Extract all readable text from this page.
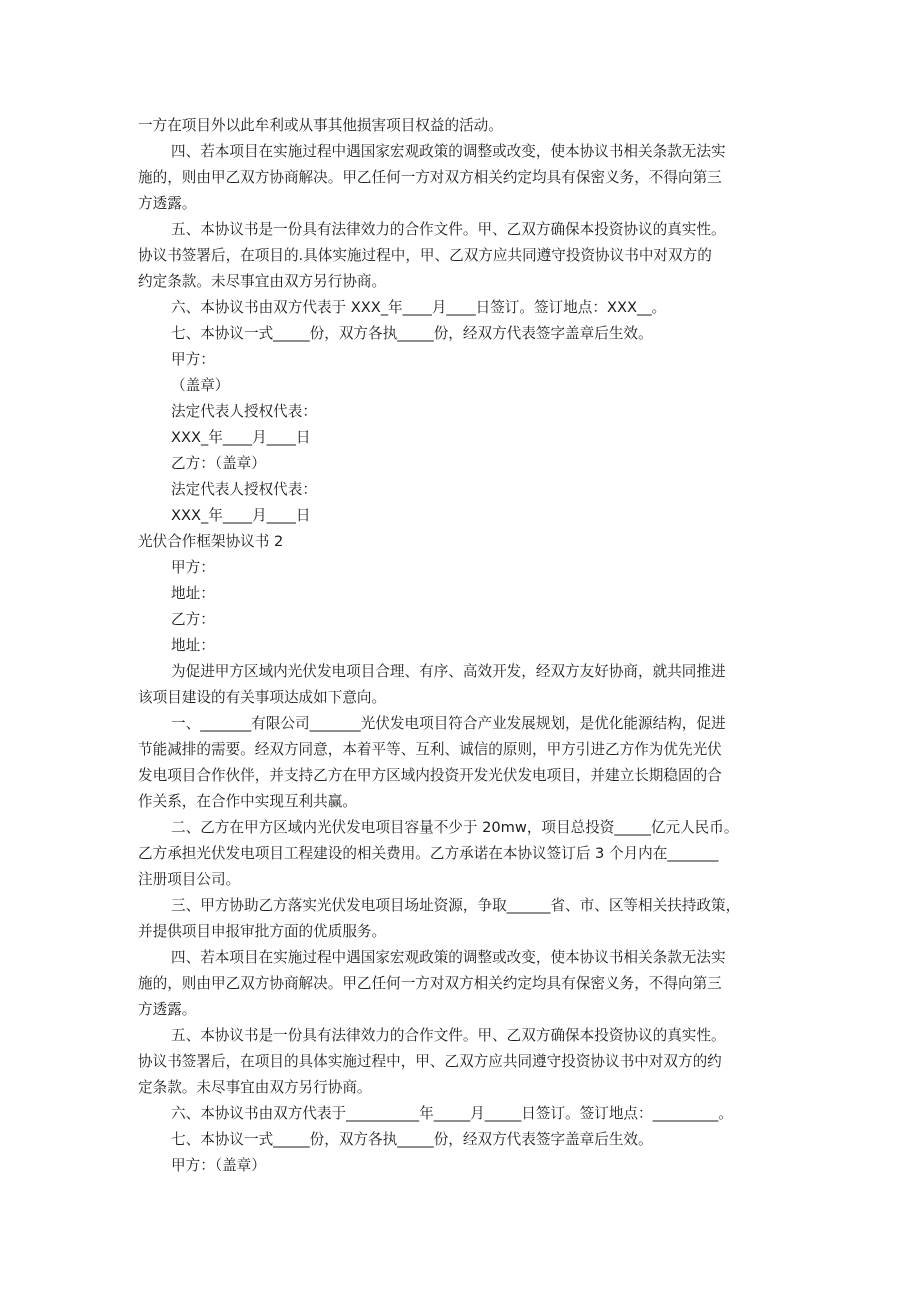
一方在项目外以此牟利或从事其他损害项目权益的活动。
四、若本项目在实施过程中遇国家宏观政策的调整或改变，使本协议书相关条款无法实
施的，则由甲乙双方协商解决。甲乙任何一方对双方相关约定均具有保密义务，不得向第三
方透露。
五、本协议书是一份具有法律效力的合作文件。甲、乙双方确保本投资协议的真实性。
协议书签署后，在项目的.具体实施过程中，甲、乙双方应共同遵守投资协议书中对双方的
约定条款。未尽事宜由双方另行协商。
六、本协议书由双方代表于 XXX_年____月____日签订。签订地点：XXX__。
七、本协议一式_____份，双方各执_____份，经双方代表签字盖章后生效。
甲方：
（盖章）
法定代表人授权代表：
XXX_年____月____日
乙方：（盖章）
法定代表人授权代表：
XXX_年____月____日
光伏合作框架协议书 2
甲方：
地址：
乙方：
地址：
为促进甲方区域内光伏发电项目合理、有序、高效开发，经双方友好协商，就共同推进
该项目建设的有关事项达成如下意向。
一、_______有限公司_______光伏发电项目符合产业发展规划，是优化能源结构，促进
节能减排的需要。经双方同意，本着平等、互利、诚信的原则，甲方引进乙方作为优先光伏
发电项目合作伙伴，并支持乙方在甲方区域内投资开发光伏发电项目，并建立长期稳固的合
作关系，在合作中实现互利共赢。
二、乙方在甲方区域内光伏发电项目容量不少于 20mw，项目总投资_____亿元人民币。
乙方承担光伏发电项目工程建设的相关费用。乙方承诺在本协议签订后 3 个月内在_______
注册项目公司。
三、甲方协助乙方落实光伏发电项目场址资源，争取______省、市、区等相关扶持政策，
并提供项目申报审批方面的优质服务。
四、若本项目在实施过程中遇国家宏观政策的调整或改变，使本协议书相关条款无法实
施的，则由甲乙双方协商解决。甲乙任何一方对双方相关约定均具有保密义务，不得向第三
方透露。
五、本协议书是一份具有法律效力的合作文件。甲、乙双方确保本投资协议的真实性。
协议书签署后，在项目的具体实施过程中，甲、乙双方应共同遵守投资协议书中对双方的约
定条款。未尽事宜由双方另行协商。
六、本协议书由双方代表于__________年_____月_____日签订。签订地点：_________。
七、本协议一式_____份，双方各执_____份，经双方代表签字盖章后生效。
甲方：（盖章）
